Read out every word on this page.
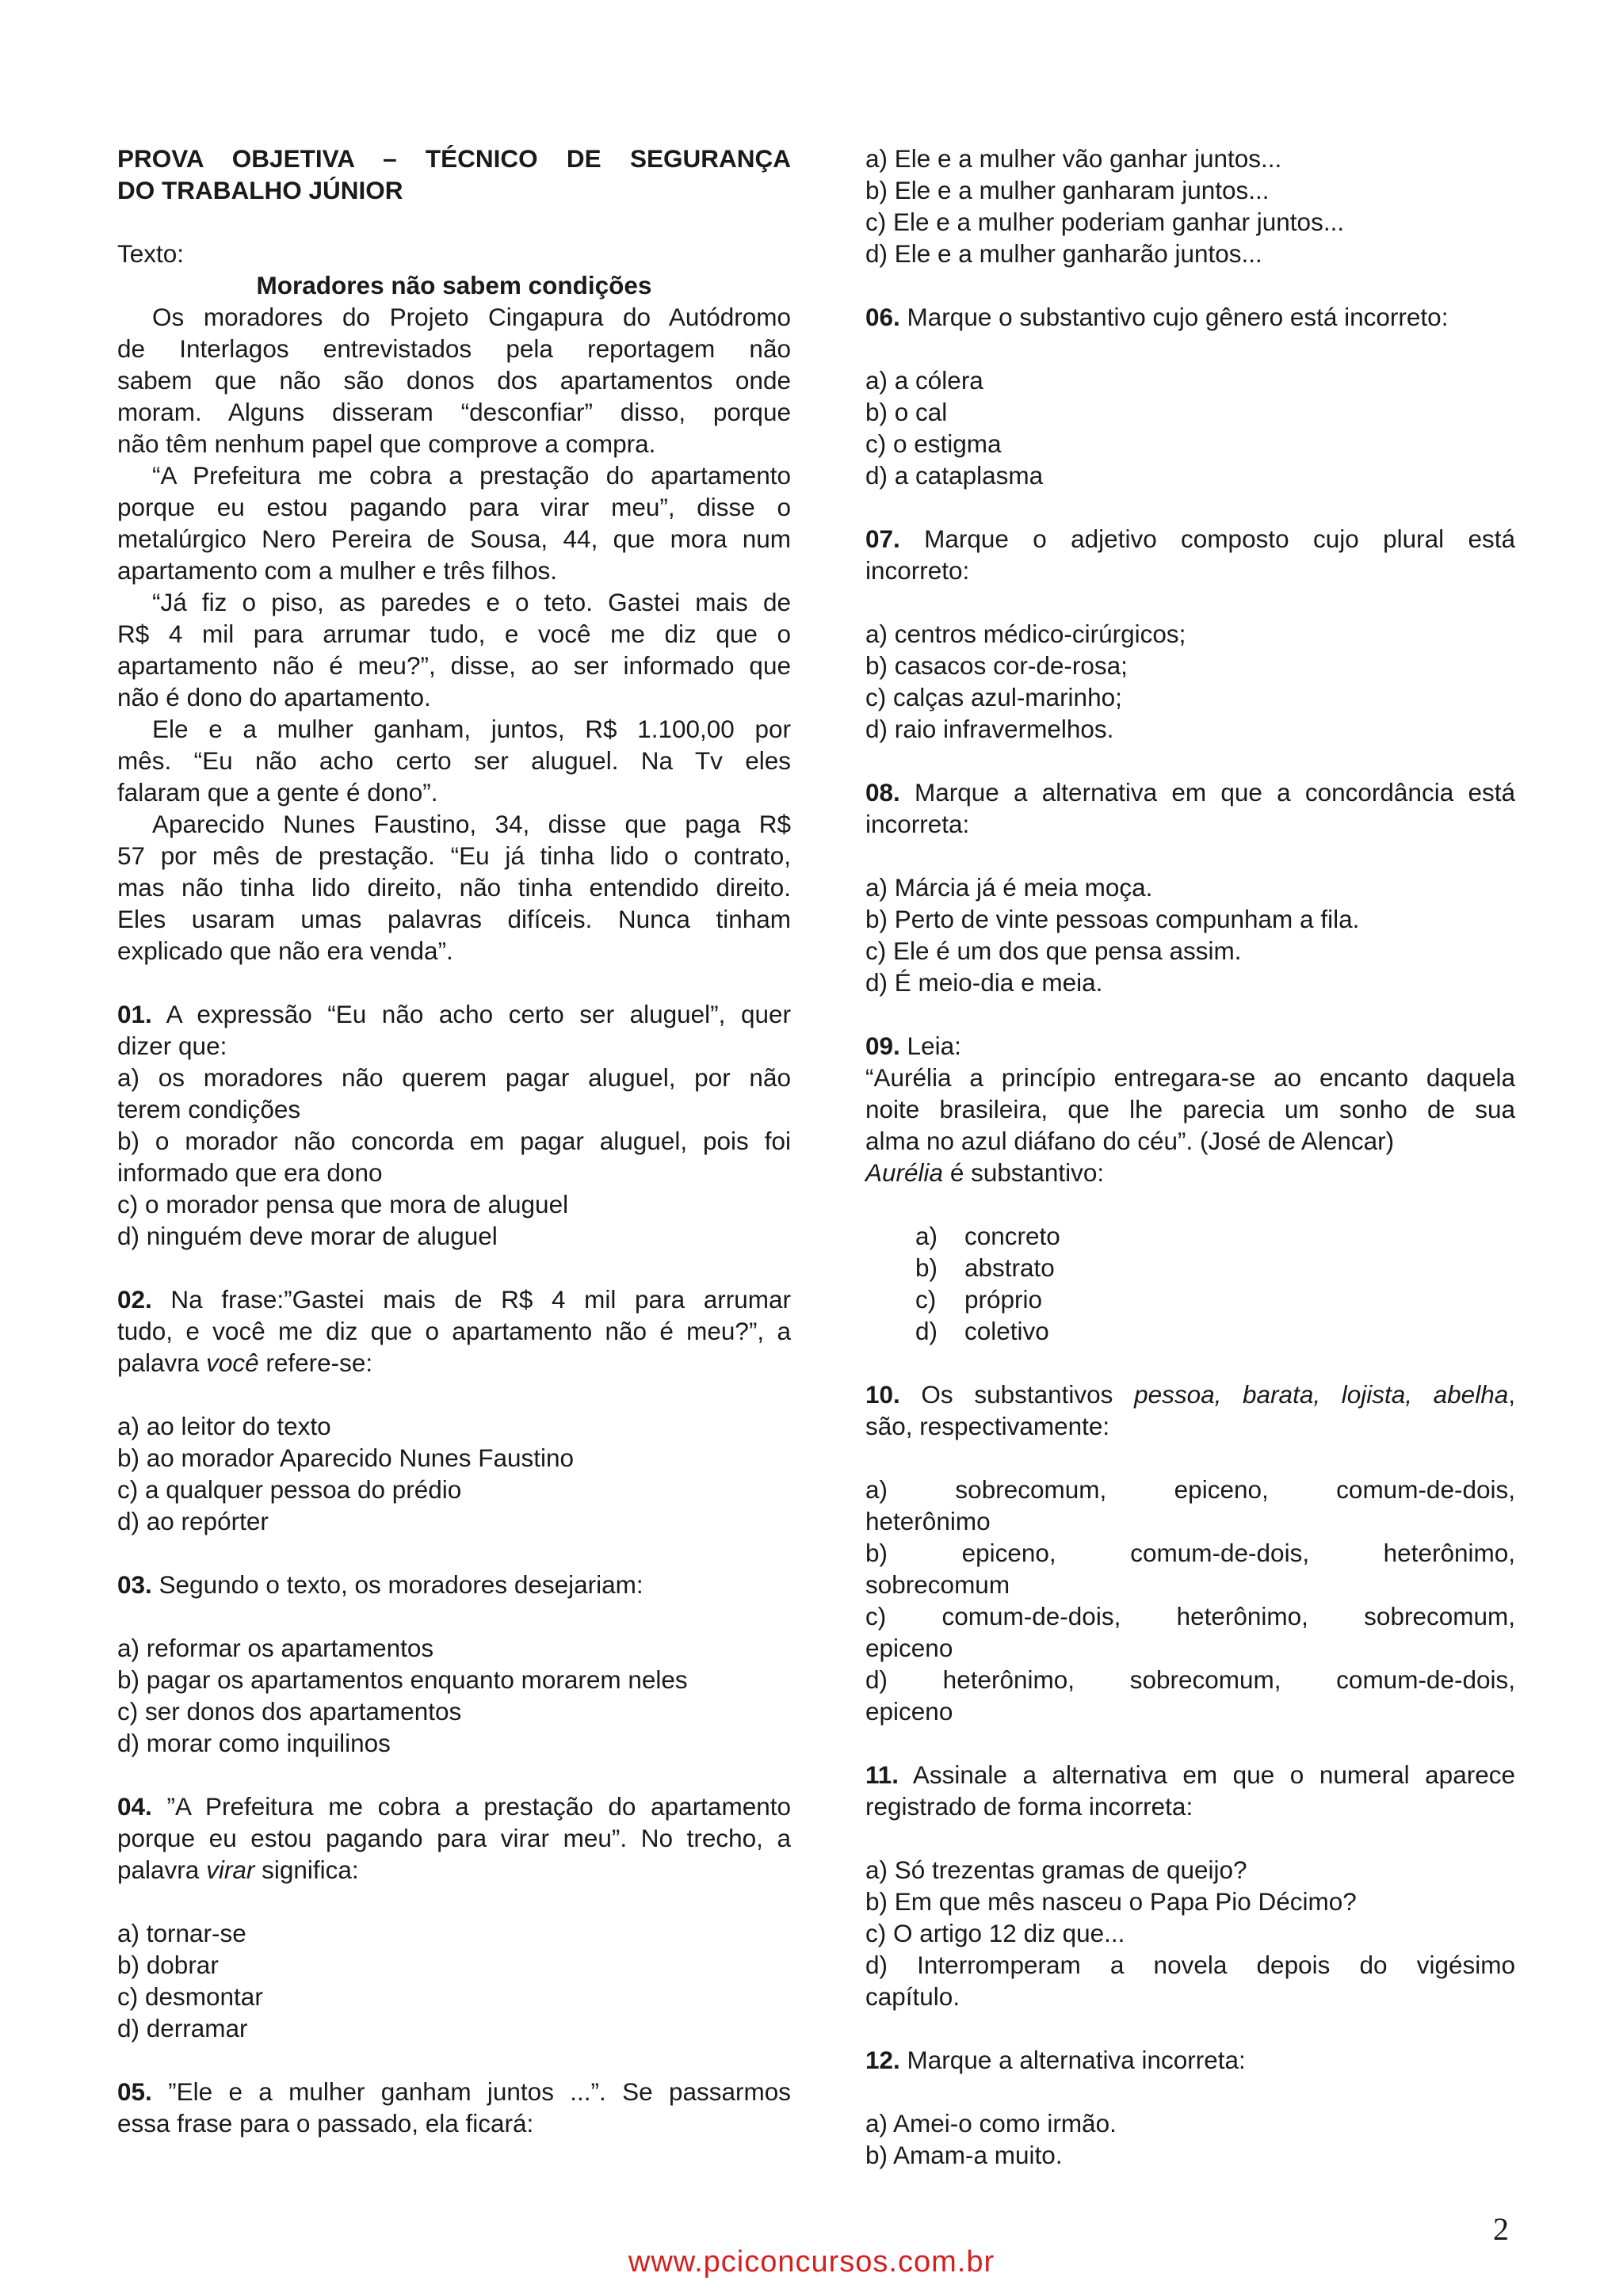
PROVA OBJETIVA – TÉCNICO DE SEGURANÇA
DO TRABALHO JÚNIOR
Texto:
Moradores não sabem condições
Os moradores do Projeto Cingapura do Autódromo
de Interlagos entrevistados pela reportagem não
sabem que não são donos dos apartamentos onde
moram. Alguns disseram “desconfiar” disso, porque
não têm nenhum papel que comprove a compra.
“A Prefeitura me cobra a prestação do apartamento
porque eu estou pagando para virar meu”, disse o
metalúrgico Nero Pereira de Sousa, 44, que mora num
apartamento com a mulher e três filhos.
“Já fiz o piso, as paredes e o teto. Gastei mais de
R$ 4 mil para arrumar tudo, e você me diz que o
apartamento não é meu?”, disse, ao ser informado que
não é dono do apartamento.
Ele e a mulher ganham, juntos, R$ 1.100,00 por
mês. “Eu não acho certo ser aluguel. Na Tv eles
falaram que a gente é dono”.
Aparecido Nunes Faustino, 34, disse que paga R$
57 por mês de prestação. “Eu já tinha lido o contrato,
mas não tinha lido direito, não tinha entendido direito.
Eles usaram umas palavras difíceis. Nunca tinham
explicado que não era venda”.
01. A expressão “Eu não acho certo ser aluguel”, quer
dizer que:
a) os moradores não querem pagar aluguel, por não
terem condições
b) o morador não concorda em pagar aluguel, pois foi
informado que era dono
c) o morador pensa que mora de aluguel
d) ninguém deve morar de aluguel
02. Na frase:”Gastei mais de R$ 4 mil para arrumar
tudo, e você me diz que o apartamento não é meu?”, a
palavra você refere-se:
a) ao leitor do texto
b) ao morador Aparecido Nunes Faustino
c) a qualquer pessoa do prédio
d) ao repórter
03. Segundo o texto, os moradores desejariam:
a) reformar os apartamentos
b) pagar os apartamentos enquanto morarem neles
c) ser donos dos apartamentos
d) morar como inquilinos
04. ”A Prefeitura me cobra a prestação do apartamento
porque eu estou pagando para virar meu”. No trecho, a
palavra virar significa:
a) tornar-se
b) dobrar
c) desmontar
d) derramar
05. ”Ele e a mulher ganham juntos ...”. Se passarmos
essa frase para o passado, ela ficará:
a) Ele e a mulher vão ganhar juntos...
b) Ele e a mulher ganharam juntos...
c) Ele e a mulher poderiam ganhar juntos...
d) Ele e a mulher ganharão juntos...
06. Marque o substantivo cujo gênero está incorreto:
a) a cólera
b) o cal
c) o estigma
d) a cataplasma
07. Marque o adjetivo composto cujo plural está
incorreto:
a) centros médico-cirúrgicos;
b) casacos cor-de-rosa;
c) calças azul-marinho;
d) raio infravermelhos.
08. Marque a alternativa em que a concordância está
incorreta:
a) Márcia já é meia moça.
b) Perto de vinte pessoas compunham a fila.
c) Ele é um dos que pensa assim.
d) É meio-dia e meia.
09. Leia:
“Aurélia a princípio entregara-se ao encanto daquela
noite brasileira, que lhe parecia um sonho de sua
alma no azul diáfano do céu”. (José de Alencar)
Aurélia é substantivo:
a)	concreto
b)	abstrato
c)	próprio
d)	coletivo
10. Os substantivos pessoa, barata, lojista, abelha,
são, respectivamente:
a) sobrecomum, epiceno, comum-de-dois,
heterônimo
b) epiceno, comum-de-dois, heterônimo,
sobrecomum
c) comum-de-dois, heterônimo, sobrecomum,
epiceno
d) heterônimo, sobrecomum, comum-de-dois,
epiceno
11. Assinale a alternativa em que o numeral aparece
registrado de forma incorreta:
a) Só trezentas gramas de queijo?
b) Em que mês nasceu o Papa Pio Décimo?
c) O artigo 12 diz que...
d) Interromperam a novela depois do vigésimo
capítulo.
12. Marque a alternativa incorreta:
a) Amei-o como irmão.
b) Amam-a muito.
2
www.pciconcursos.com.br
